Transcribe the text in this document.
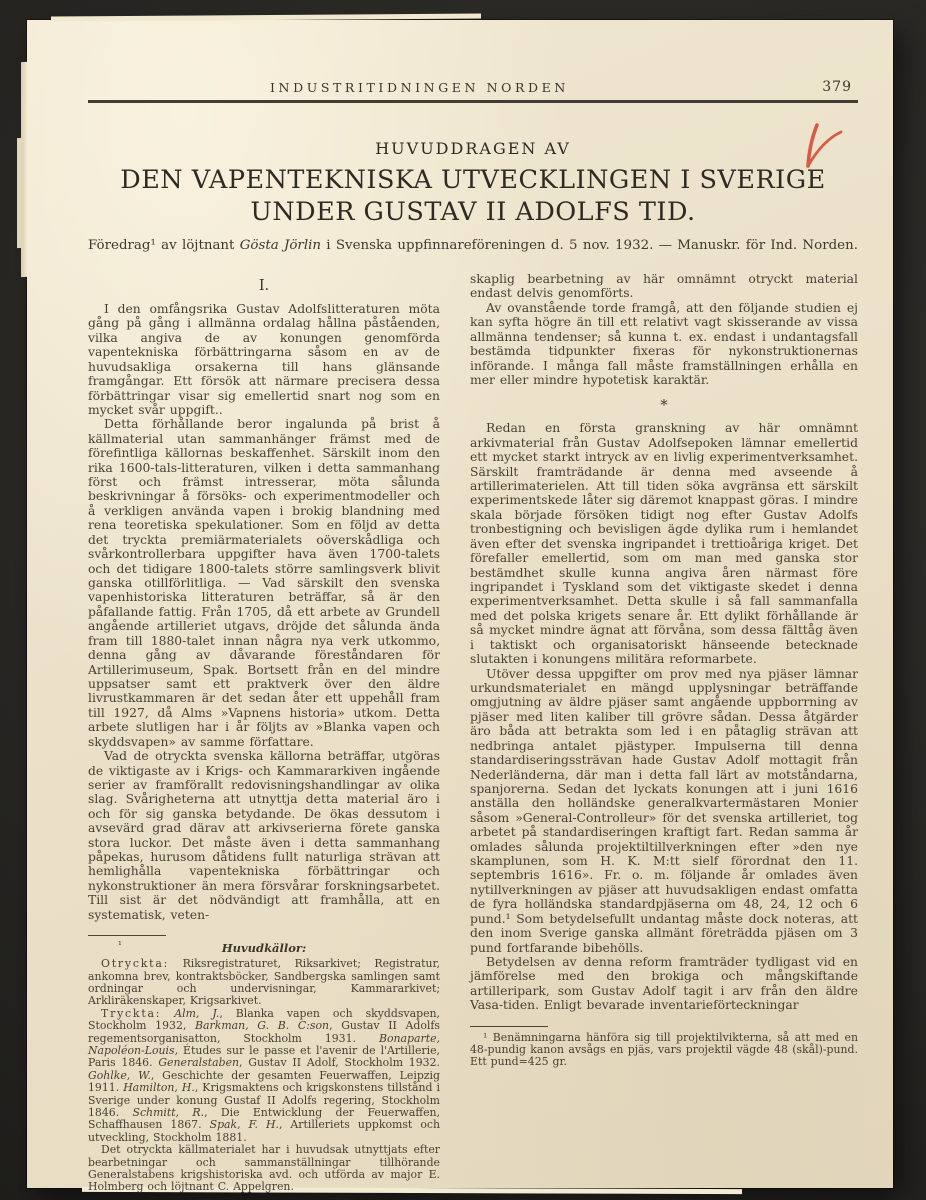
INDUSTRITIDNINGEN NORDEN	379
HUVUDDRAGEN AV
DEN VAPENTEKNISKA UTVECKLINGEN I SVERIGE
UNDER GUSTAV II ADOLFS TID.
Föredrag¹ av löjtnant Gösta Jörlin i Svenska uppfinnareföreningen d. 5 nov. 1932. — Manuskr. för Ind. Norden.
I.

I den omfångsrika Gustav Adolfslitteraturen möta gång på gång i allmänna ordalag hållna påståenden, vilka angiva de av konungen genomförda vapentekniska förbättringarna såsom en av de huvudsakliga orsakerna till hans glänsande framgångar. Ett försök att närmare precisera dessa förbättringar visar sig emellertid snart nog som en mycket svår uppgift..

Detta förhållande beror ingalunda på brist å källmaterial utan sammanhänger främst med de förefintliga källornas beskaffenhet. Särskilt inom den rika 1600-tals-litteraturen, vilken i detta sammanhang först och främst intresserar, möta sålunda beskrivningar å försöks- och experimentmodeller och å verkligen använda vapen i brokig blandning med rena teoretiska spekulationer. Som en följd av detta det tryckta premiärmaterialets oöverskådliga och svårkontrollerbara uppgifter hava även 1700-talets och det tidigare 1800-talets större samlingsverk blivit ganska otillförlitliga. — Vad särskilt den svenska vapenhistoriska litteraturen beträffar, så är den påfallande fattig. Från 1705, då ett arbete av Grundell angående artilleriet utgavs, dröjde det sålunda ända fram till 1880-talet innan några nya verk utkommo, denna gång av dåvarande föreståndaren för Artillerimuseum, Spak. Bortsett från en del mindre uppsatser samt ett praktverk över den äldre livrustkammaren är det sedan åter ett uppehåll fram till 1927, då Alms »Vapnens historia» utkom. Detta arbete slutligen har i år följts av »Blanka vapen och skyddsvapen» av samme författare.

Vad de otryckta svenska källorna beträffar, utgöras de viktigaste av i Krigs- och Kammararkiven ingående serier av framförallt redovisningshandlingar av olika slag. Svårigheterna att utnyttja detta material äro i och för sig ganska betydande. De ökas dessutom i avsevärd grad därav att arkivserierna förete ganska stora luckor. Det måste även i detta sammanhang påpekas, hurusom dåtidens fullt naturliga strävan att hemlighålla vapentekniska förbättringar och nykonstruktioner än mera försvårar forskningsarbetet. Till sist är det nödvändigt att framhålla, att en systematisk, veten-

¹	Huvudkällor:

Otryckta: Riksregistraturet, Riksarkivet; Registratur, ankomna brev, kontraktsböcker, Sandbergska samlingen samt ordningar och undervisningar, Kammararkivet; Arkliräkenskaper, Krigsarkivet.

Tryckta: Alm, J., Blanka vapen och skyddsvapen, Stockholm 1932, Barkman, G. B. C:son, Gustav II Adolfs regementsorganisatton, Stockholm 1931. Bonaparte, Napoléon-Louis, Études sur le passe et l'avenir de l'Artillerie, Paris 1846. Generalstaben, Gustav II Adolf, Stockholm 1932. Gohlke, W., Geschichte der gesamten Feuerwaffen, Leipzig 1911. Hamilton, H., Krigsmaktens och krigskonstens tillstånd i Sverige under konung Gustaf II Adolfs regering, Stockholm 1846. Schmitt, R., Die Entwicklung der Feuerwaffen, Schaffhausen 1867. Spak, F. H., Artilleriets uppkomst och utveckling, Stockholm 1881.

Det otryckta källmaterialet har i huvudsak utnyttjats efter bearbetningar och sammanställningar tillhörande Generalstabens krigshistoriska avd. och utförda av major E. Holmberg och löjtnant C. Appelgren.

skaplig bearbetning av här omnämnt otryckt material endast delvis genomförts.

Av ovanstående torde framgå, att den följande studien ej kan syfta högre än till ett relativt vagt skisserande av vissa allmänna tendenser; så kunna t. ex. endast i undantagsfall bestämda tidpunkter fixeras för nykonstruktionernas införande. I många fall måste framställningen erhålla en mer eller mindre hypotetisk karaktär.

*

Redan en första granskning av här omnämnt arkivmaterial från Gustav Adolfsepoken lämnar emellertid ett mycket starkt intryck av en livlig experimentverksamhet. Särskilt framträdande är denna med avseende å artillerimaterielen. Att till tiden söka avgränsa ett särskilt experimentskede låter sig däremot knappast göras. I mindre skala började försöken tidigt nog efter Gustav Adolfs tronbestigning och bevisligen ägde dylika rum i hemlandet även efter det svenska ingripandet i trettioåriga kriget. Det förefaller emellertid, som om man med ganska stor bestämdhet skulle kunna angiva åren närmast före ingripandet i Tyskland som det viktigaste skedet i denna experimentverksamhet. Detta skulle i så fall sammanfalla med det polska krigets senare år. Ett dylikt förhållande är så mycket mindre ägnat att förvåna, som dessa fälttåg även i taktiskt och organisatoriskt hänseende betecknade slutakten i konungens militära reformarbete.

Utöver dessa uppgifter om prov med nya pjäser lämnar urkundsmaterialet en mängd upplysningar beträffande omgjutning av äldre pjäser samt angående uppborrning av pjäser med liten kaliber till grövre sådan. Dessa åtgärder äro båda att betrakta som led i en påtaglig strävan att nedbringa antalet pjästyper. Impulserna till denna standardiseringssträvan hade Gustav Adolf mottagit från Nederländerna, där man i detta fall lärt av motståndarna, spanjorerna. Sedan det lyckats konungen att i juni 1616 anställa den holländske generalkvartermästaren Monier såsom »General-Controlleur» för det svenska artilleriet, tog arbetet på standardiseringen kraftigt fart. Redan samma år omlades sålunda projektiltillverkningen efter »den nye skamplunen, som H. K. M:tt sielf förordnat den 11. septembris 1616». Fr. o. m. följande år omlades även nytillverkningen av pjäser att huvudsakligen endast omfatta de fyra holländska standardpjäserna om 48, 24, 12 och 6 pund.¹ Som betydelsefullt undantag måste dock noteras, att den inom Sverige ganska allmänt företrädda pjäsen om 3 pund fortfarande bibehölls.

Betydelsen av denna reform framträder tydligast vid en jämförelse med den brokiga och mångskiftande artilleripark, som Gustav Adolf tagit i arv från den äldre Vasa-tiden. Enligt bevarade inventarieförteckningar

¹ Benämningarna hänföra sig till projektilvikterna, så att med en 48-pundig kanon avsågs en pjäs, vars projektil vägde 48 (skål)-pund. Ett pund=425 gr.
